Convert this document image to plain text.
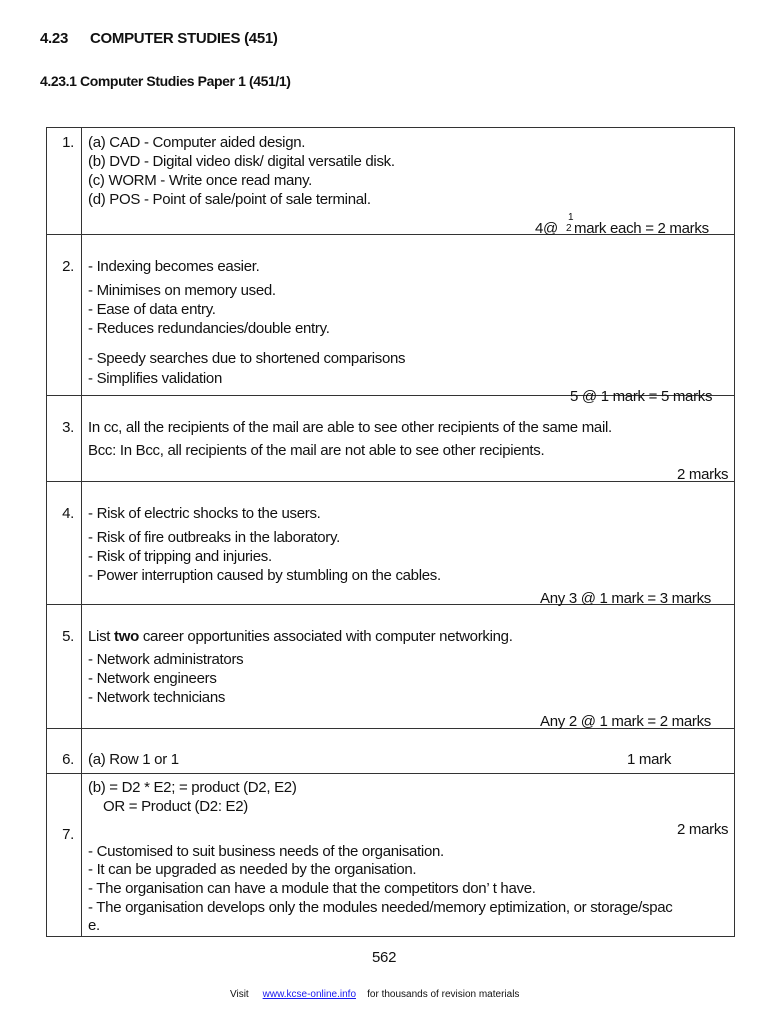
4.23 COMPUTER STUDIES (451)
4.23.1 Computer Studies Paper 1 (451/1)
1. (a) CAD - Computer aided design.
(b) DVD - Digital video disk/ digital versatile disk.
(c) WORM - Write once read many.
(d) POS - Point of sale/point of sale terminal.
4@
1
2 mark each = 2 marks
2. - Indexing becomes easier.
- Minimises on memory used.
- Ease of data entry.
- Reduces redundancies/double entry.
- Speedy searches due to shortened comparisons
- Simplifies validation
5 @ 1 mark = 5 marks
3. In cc, all the recipients of the mail are able to see other recipients of the same mail.
Bcc: In Bcc, all recipients of the mail are not able to see other recipients.
2 marks
4. - Risk of electric shocks to the users.
- Risk of fire outbreaks in the laboratory.
- Risk of tripping and injuries.
- Power interruption caused by stumbling on the cables.
Any 3 @ 1 mark = 3 marks
5. List two career opportunities associated with computer networking.
- Network administrators
- Network engineers
- Network technicians
Any 2 @ 1 mark = 2 marks
6. (a) Row 1 or 1	1 mark
(b) = D2 * E2; = product (D2, E2)
OR = Product (D2: E2)
2 marks
7.
- Customised to suit business needs of the organisation.
- It can be upgraded as needed by the organisation.
- The organisation can have a module that the competitors don’ t have.
- The organisation develops only the modules needed/memory eptimization, or storage/spac
e.
562
Visit www.kcse-online.info for thousands of revision materials
